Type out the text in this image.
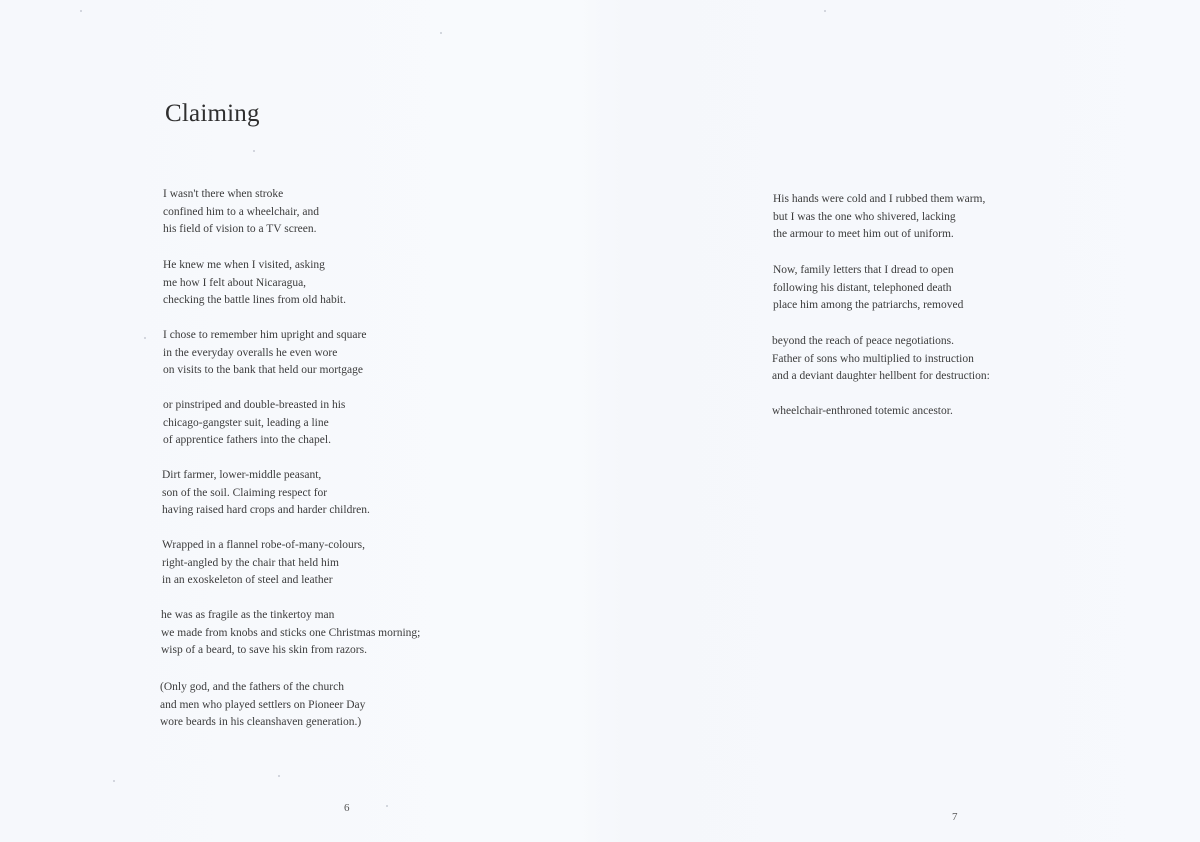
Claiming

I wasn't there when stroke
confined him to a wheelchair, and
his field of vision to a TV screen.

He knew me when I visited, asking
me how I felt about Nicaragua,
checking the battle lines from old habit.

I chose to remember him upright and square
in the everyday overalls he even wore
on visits to the bank that held our mortgage

or pinstriped and double-breasted in his
chicago-gangster suit, leading a line
of apprentice fathers into the chapel.

Dirt farmer, lower-middle peasant,
son of the soil. Claiming respect for
having raised hard crops and harder children.

Wrapped in a flannel robe-of-many-colours,
right-angled by the chair that held him
in an exoskeleton of steel and leather

he was as fragile as the tinkertoy man
we made from knobs and sticks one Christmas morning;
wisp of a beard, to save his skin from razors.

(Only god, and the fathers of the church
and men who played settlers on Pioneer Day
wore beards in his cleanshaven generation.)

6

His hands were cold and I rubbed them warm,
but I was the one who shivered, lacking
the armour to meet him out of uniform.

Now, family letters that I dread to open
following his distant, telephoned death
place him among the patriarchs, removed

beyond the reach of peace negotiations.
Father of sons who multiplied to instruction
and a deviant daughter hellbent for destruction:

wheelchair-enthroned totemic ancestor.

7
